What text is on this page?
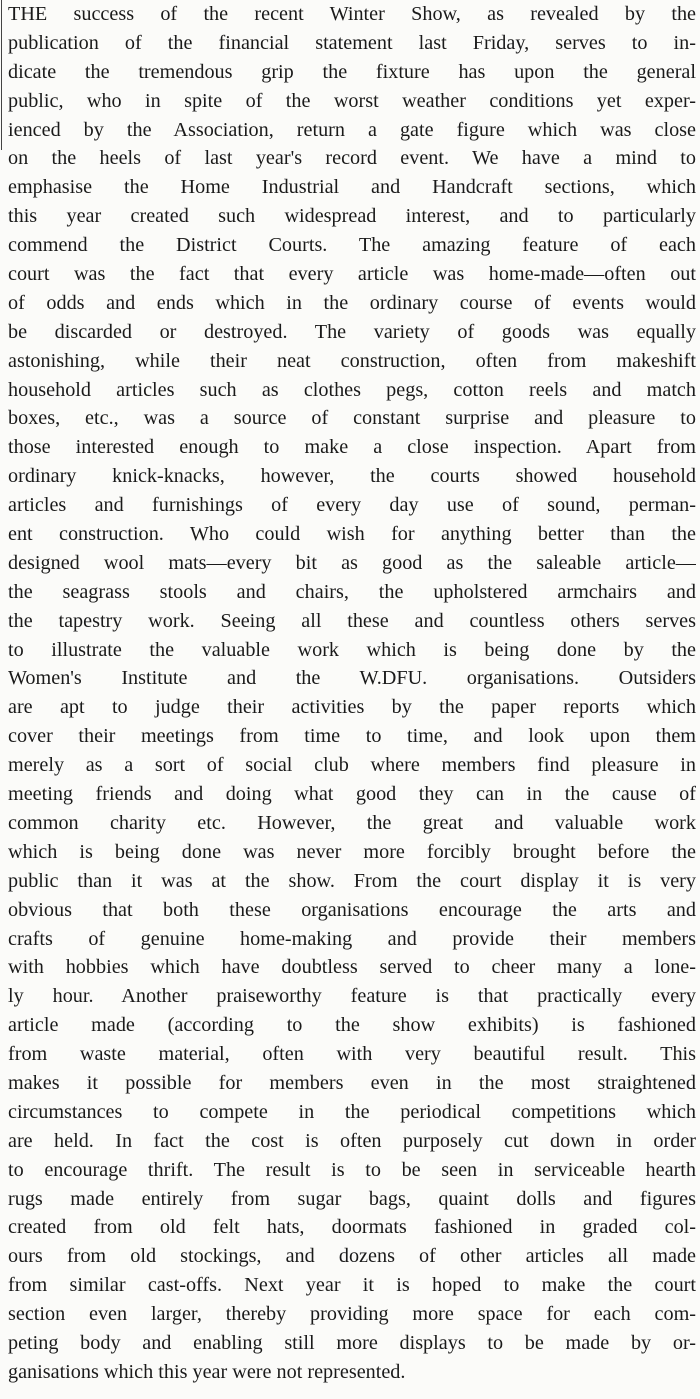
THE success of the recent Winter Show, as revealed by the
publication of the financial statement last Friday, serves to in-
dicate the tremendous grip the fixture has upon the general
public, who in spite of the worst weather conditions yet exper-
ienced by the Association, return a gate figure which was close
on the heels of last year's record event. We have a mind to
emphasise the Home Industrial and Handcraft sections, which
this year created such widespread interest, and to particularly
commend the District Courts. The amazing feature of each
court was the fact that every article was home-made—often out
of odds and ends which in the ordinary course of events would
be discarded or destroyed. The variety of goods was equally
astonishing, while their neat construction, often from makeshift
household articles such as clothes pegs, cotton reels and match
boxes, etc., was a source of constant surprise and pleasure to
those interested enough to make a close inspection. Apart from
ordinary knick-knacks, however, the courts showed household
articles and furnishings of every day use of sound, perman-
ent construction. Who could wish for anything better than the
designed wool mats—every bit as good as the saleable article—
the seagrass stools and chairs, the upholstered armchairs and
the tapestry work. Seeing all these and countless others serves
to illustrate the valuable work which is being done by the
Women's Institute and the W.DFU. organisations. Outsiders
are apt to judge their activities by the paper reports which
cover their meetings from time to time, and look upon them
merely as a sort of social club where members find pleasure in
meeting friends and doing what good they can in the cause of
common charity etc. However, the great and valuable work
which is being done was never more forcibly brought before the
public than it was at the show. From the court display it is very
obvious that both these organisations encourage the arts and
crafts of genuine home-making and provide their members
with hobbies which have doubtless served to cheer many a lone-
ly hour. Another praiseworthy feature is that practically every
article made (according to the show exhibits) is fashioned
from waste material, often with very beautiful result. This
makes it possible for members even in the most straightened
circumstances to compete in the periodical competitions which
are held. In fact the cost is often purposely cut down in order
to encourage thrift. The result is to be seen in serviceable hearth
rugs made entirely from sugar bags, quaint dolls and figures
created from old felt hats, doormats fashioned in graded col-
ours from old stockings, and dozens of other articles all made
from similar cast-offs. Next year it is hoped to make the court
section even larger, thereby providing more space for each com-
peting body and enabling still more displays to be made by or-
ganisations which this year were not represented.
